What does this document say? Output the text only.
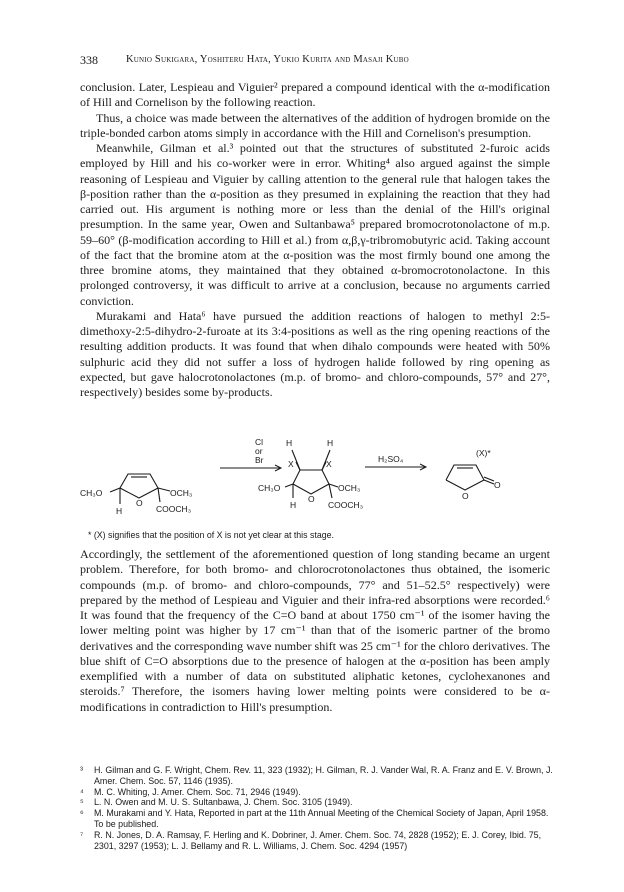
338	Kunio Sukigara, Yoshiteru Hata, Yukio Kurita and Masaji Kubo

conclusion. Later, Lespieau and Viguier² prepared a compound identical with the α-modification of Hill and Cornelison by the following reaction.

Thus, a choice was made between the alternatives of the addition of hydrogen bromide on the triple-bonded carbon atoms simply in accordance with the Hill and Cornelison's presumption.

Meanwhile, Gilman et al.³ pointed out that the structures of substituted 2-furoic acids employed by Hill and his co-worker were in error. Whiting⁴ also argued against the simple reasoning of Lespieau and Viguier by calling attention to the general rule that halogen takes the β-position rather than the α-position as they presumed in explaining the reaction that they had carried out. His argument is nothing more or less than the denial of the Hill's original presumption. In the same year, Owen and Sultanbawa⁵ prepared bromocrotonolactone of m.p. 59–60° (β-modification according to Hill et al.) from α,β,γ-tribromobutyric acid. Taking account of the fact that the bromine atom at the α-position was the most firmly bound one among the three bromine atoms, they maintained that they obtained α-bromocrotonolactone. In this prolonged controversy, it was difficult to arrive at a conclusion, because no arguments carried conviction.

Murakami and Hata⁶ have pursued the addition reactions of halogen to methyl 2:5-dimethoxy-2:5-dihydro-2-furoate at its 3:4-positions as well as the ring opening reactions of the resulting addition products. It was found that when dihalo compounds were heated with 50% sulphuric acid they did not suffer a loss of hydrogen halide followed by ring opening as expected, but gave halocrotonolactones (m.p. of bromo- and chloro-compounds, 57° and 27°, respectively) besides some by-products.

CH₃O	OCH₃
O
H	COOCH₃
Cl
or
Br
H	H
X	X
CH₃O	OCH₃
O
H	COOCH₃
H₂SO₄
(X)*
O
O
* (X) signifies that the position of X is not yet clear at this stage.

Accordingly, the settlement of the aforementioned question of long standing became an urgent problem. Therefore, for both bromo- and chlorocrotonolactones thus obtained, the isomeric compounds (m.p. of bromo- and chloro-compounds, 77° and 51–52.5° respectively) were prepared by the method of Lespieau and Viguier and their infra-red absorptions were recorded.⁶ It was found that the frequency of the C=O band at about 1750 cm⁻¹ of the isomer having the lower melting point was higher by 17 cm⁻¹ than that of the isomeric partner of the bromo derivatives and the corresponding wave number shift was 25 cm⁻¹ for the chloro derivatives. The blue shift of C=O absorptions due to the presence of halogen at the α-position has been amply exemplified with a number of data on substituted aliphatic ketones, cyclohexanones and steroids.⁷ Therefore, the isomers having lower melting points were considered to be α-modifications in contradiction to Hill's presumption.

³ H. Gilman and G. F. Wright, Chem. Rev. 11, 323 (1932); H. Gilman, R. J. Vander Wal, R. A. Franz and E. V. Brown, J. Amer. Chem. Soc. 57, 1146 (1935).

⁴ M. C. Whiting, J. Amer. Chem. Soc. 71, 2946 (1949).

⁵ L. N. Owen and M. U. S. Sultanbawa, J. Chem. Soc. 3105 (1949).

⁶ M. Murakami and Y. Hata, Reported in part at the 11th Annual Meeting of the Chemical Society of Japan, April 1958. To be published.

⁷ R. N. Jones, D. A. Ramsay, F. Herling and K. Dobriner, J. Amer. Chem. Soc. 74, 2828 (1952); E. J. Corey, Ibid. 75, 2301, 3297 (1953); L. J. Bellamy and R. L. Williams, J. Chem. Soc. 4294 (1957)
